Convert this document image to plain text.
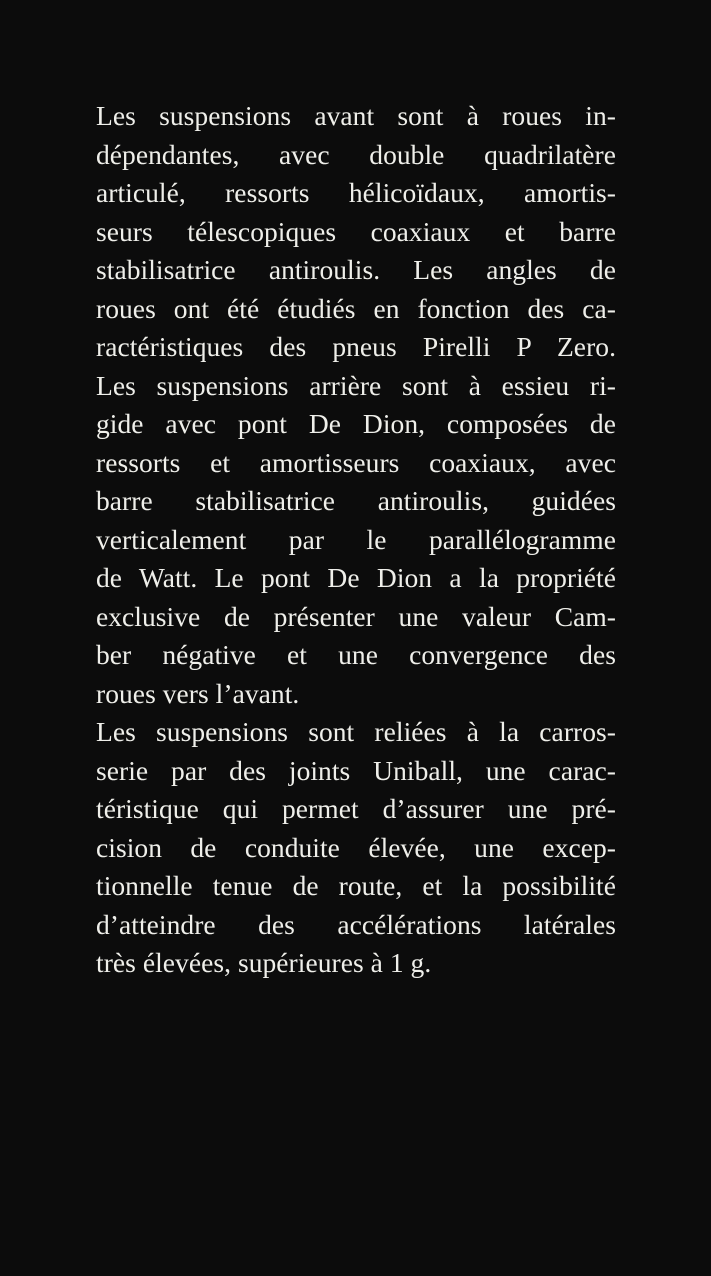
Les suspensions avant sont à roues in-
dépendantes, avec double quadrilatère
articulé, ressorts hélicoïdaux, amortis-
seurs télescopiques coaxiaux et barre
stabilisatrice antiroulis. Les angles de
roues ont été étudiés en fonction des ca-
ractéristiques des pneus Pirelli P Zero.
Les suspensions arrière sont à essieu ri-
gide avec pont De Dion, composées de
ressorts et amortisseurs coaxiaux, avec
barre stabilisatrice antiroulis, guidées
verticalement par le parallélogramme
de Watt. Le pont De Dion a la propriété
exclusive de présenter une valeur Cam-
ber négative et une convergence des
roues vers l’avant.
Les suspensions sont reliées à la carros-
serie par des joints Uniball, une carac-
téristique qui permet d’assurer une pré-
cision de conduite élevée, une excep-
tionnelle tenue de route, et la possibilité
d’atteindre des accélérations latérales
très élevées, supérieures à 1 g.
